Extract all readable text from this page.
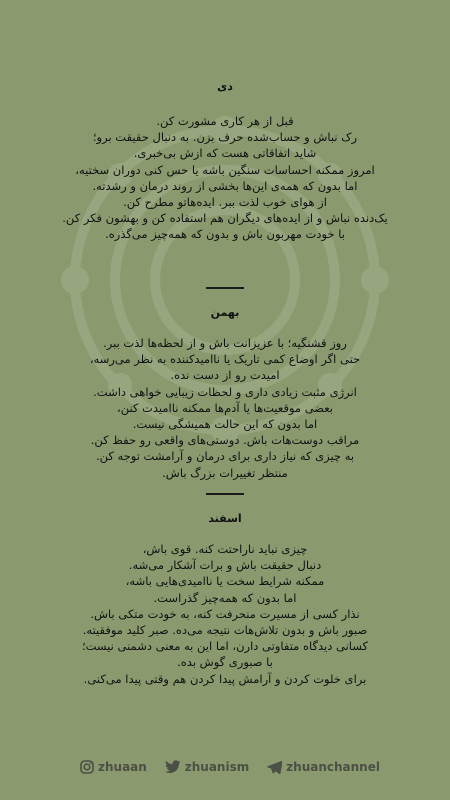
دی
قبل از هر کاری مشورت کن.
رک نباش و حساب‌شده حرف بزن. به دنبال حقیقت برو؛
شاید اتفاقاتی هست که ازش بی‌خبری.
امروز ممکنه احساسات سنگین باشه یا حس کنی دوران سختیه،
اما بدون که همه‌ی این‌ها بخشی از روند درمان و رشدته.
از هوای خوب لذت ببر. ایده‌هاتو مطرح کن.
یک‌دنده نباش و از ایده‌های دیگران هم استفاده کن و بهشون فکر کن.
با خودت مهربون باش و بدون که همه‌چیز می‌گذره.
بهمن
روز قشنگیه؛ با عزیزانت باش و از لحظه‌ها لذت ببر.
حتی اگر اوضاع کمی تاریک یا ناامیدکننده به نظر می‌رسه،
امیدت رو از دست نده.
انرژی مثبت زیادی داری و لحظات زیبایی خواهی داشت.
بعضی موقعیت‌ها یا آدم‌ها ممکنه ناامیدت کنن،
اما بدون که این حالت همیشگی نیست.
مراقب دوست‌هات باش. دوستی‌های واقعی رو حفظ کن.
به چیزی که نیاز داری برای درمان و آرامشت توجه کن.
منتظر تغییرات بزرگ باش.
اسفند
چیزی نباید ناراحتت کنه. قوی باش،
دنبال حقیقت باش و برات آشکار می‌شه.
ممکنه شرایط سخت یا ناامیدی‌هایی باشه،
اما بدون که همه‌چیز گذراست.
نذار کسی از مسیرت منحرفت کنه، به خودت متکی باش.
صبور باش و بدون تلاش‌هات نتیجه می‌ده. صبر کلید موفقیته.
کسانی دیدگاه متفاوتی دارن، اما این به معنی دشمنی نیست؛
با صبوری گوش بده.
برای خلوت کردن و آرامش پیدا کردن هم وقتی پیدا می‌کنی.
zhuaan	zhuanism	zhuanchannel
